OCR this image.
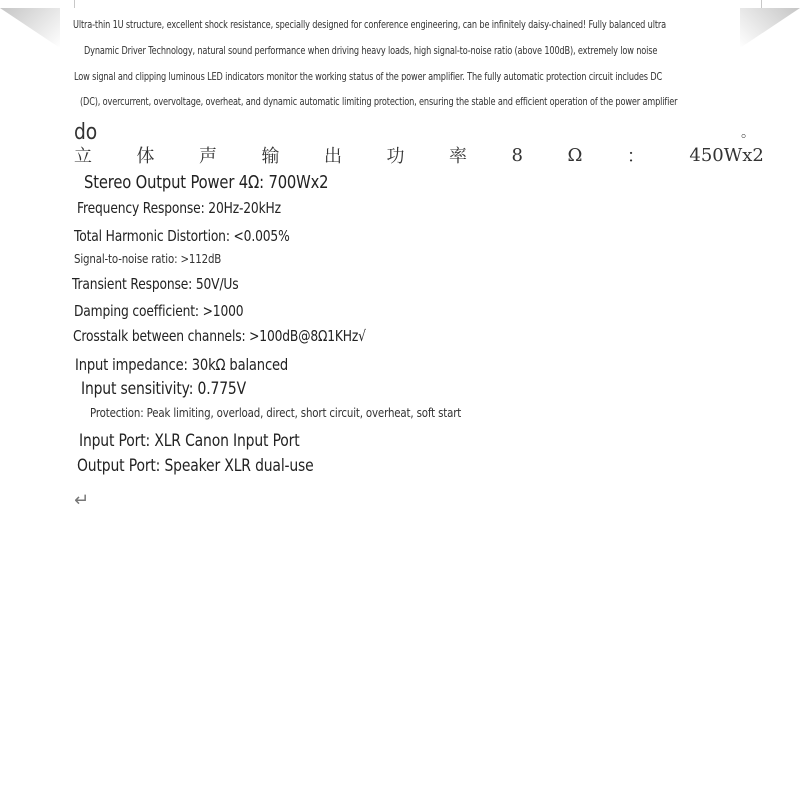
Ultra-thin 1U structure, excellent shock resistance, specially designed for conference engineering, can be infinitely daisy-chained! Fully balanced ultra
Dynamic Driver Technology, natural sound performance when driving heavy loads, high signal-to-noise ratio (above 100dB), extremely low noise
Low signal and clipping luminous LED indicators monitor the working status of the power amplifier. The fully automatic protection circuit includes DC
(DC), overcurrent, overvoltage, overheat, and dynamic automatic limiting protection, ensuring the stable and efficient operation of the power amplifier
do	。
立 体 声 输 出 功 率 8 Ω ： 450Wx2
Stereo Output Power 4Ω: 700Wx2
Frequency Response: 20Hz-20kHz
Total Harmonic Distortion: <0.005%
Signal-to-noise ratio: >112dB
Transient Response: 50V/Us
Damping coefficient: >1000
Crosstalk between channels: >100dB@8Ω1KHz√
Input impedance: 30kΩ balanced
Input sensitivity: 0.775V
Protection: Peak limiting, overload, direct, short circuit, overheat, soft start
Input Port: XLR Canon Input Port
Output Port: Speaker XLR dual-use
↵
